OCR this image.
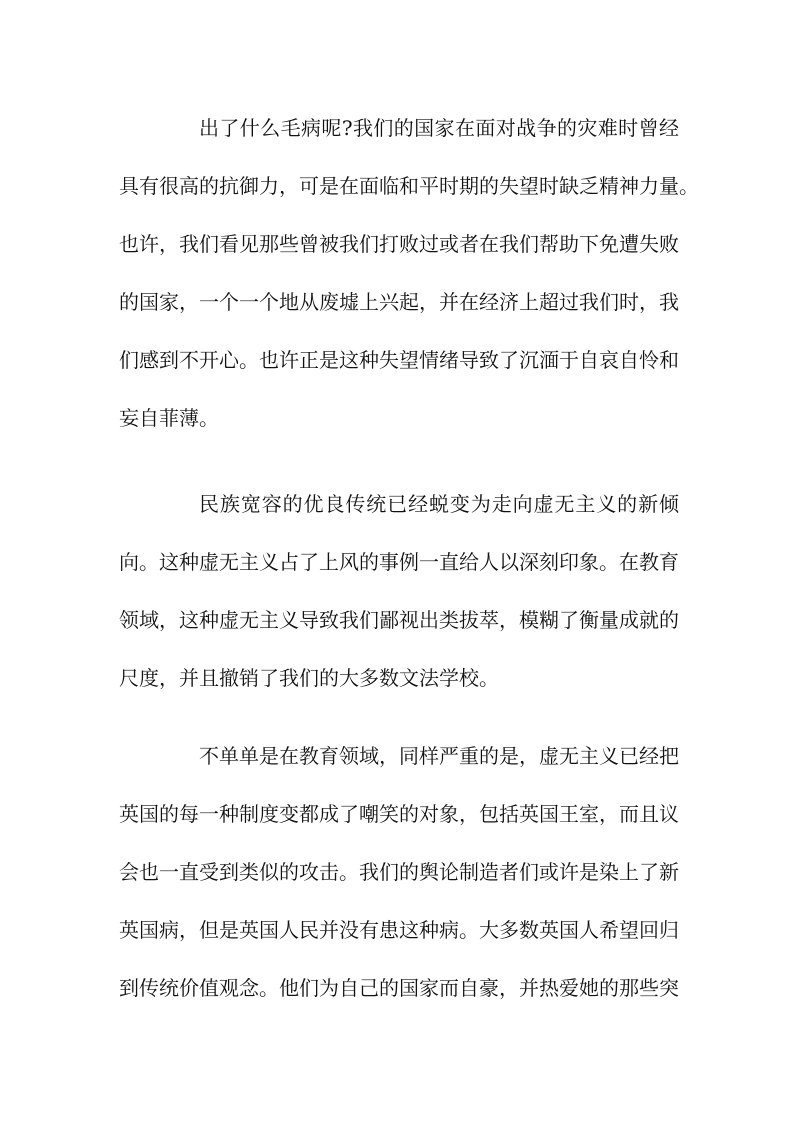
出了什么毛病呢?我们的国家在面对战争的灾难时曾经
具有很高的抗御力，可是在面临和平时期的失望时缺乏精神力量。
也许，我们看见那些曾被我们打败过或者在我们帮助下免遭失败
的国家，一个一个地从废墟上兴起，并在经济上超过我们时，我
们感到不开心。也许正是这种失望情绪导致了沉湎于自哀自怜和
妄自菲薄。
民族宽容的优良传统已经蜕变为走向虚无主义的新倾
向。这种虚无主义占了上风的事例一直给人以深刻印象。在教育
领域，这种虚无主义导致我们鄙视出类拔萃，模糊了衡量成就的
尺度，并且撤销了我们的大多数文法学校。
不单单是在教育领域，同样严重的是，虚无主义已经把
英国的每一种制度变都成了嘲笑的对象，包括英国王室，而且议
会也一直受到类似的攻击。我们的舆论制造者们或许是染上了新
英国病，但是英国人民并没有患这种病。大多数英国人希望回归
到传统价值观念。他们为自己的国家而自豪，并热爱她的那些突
